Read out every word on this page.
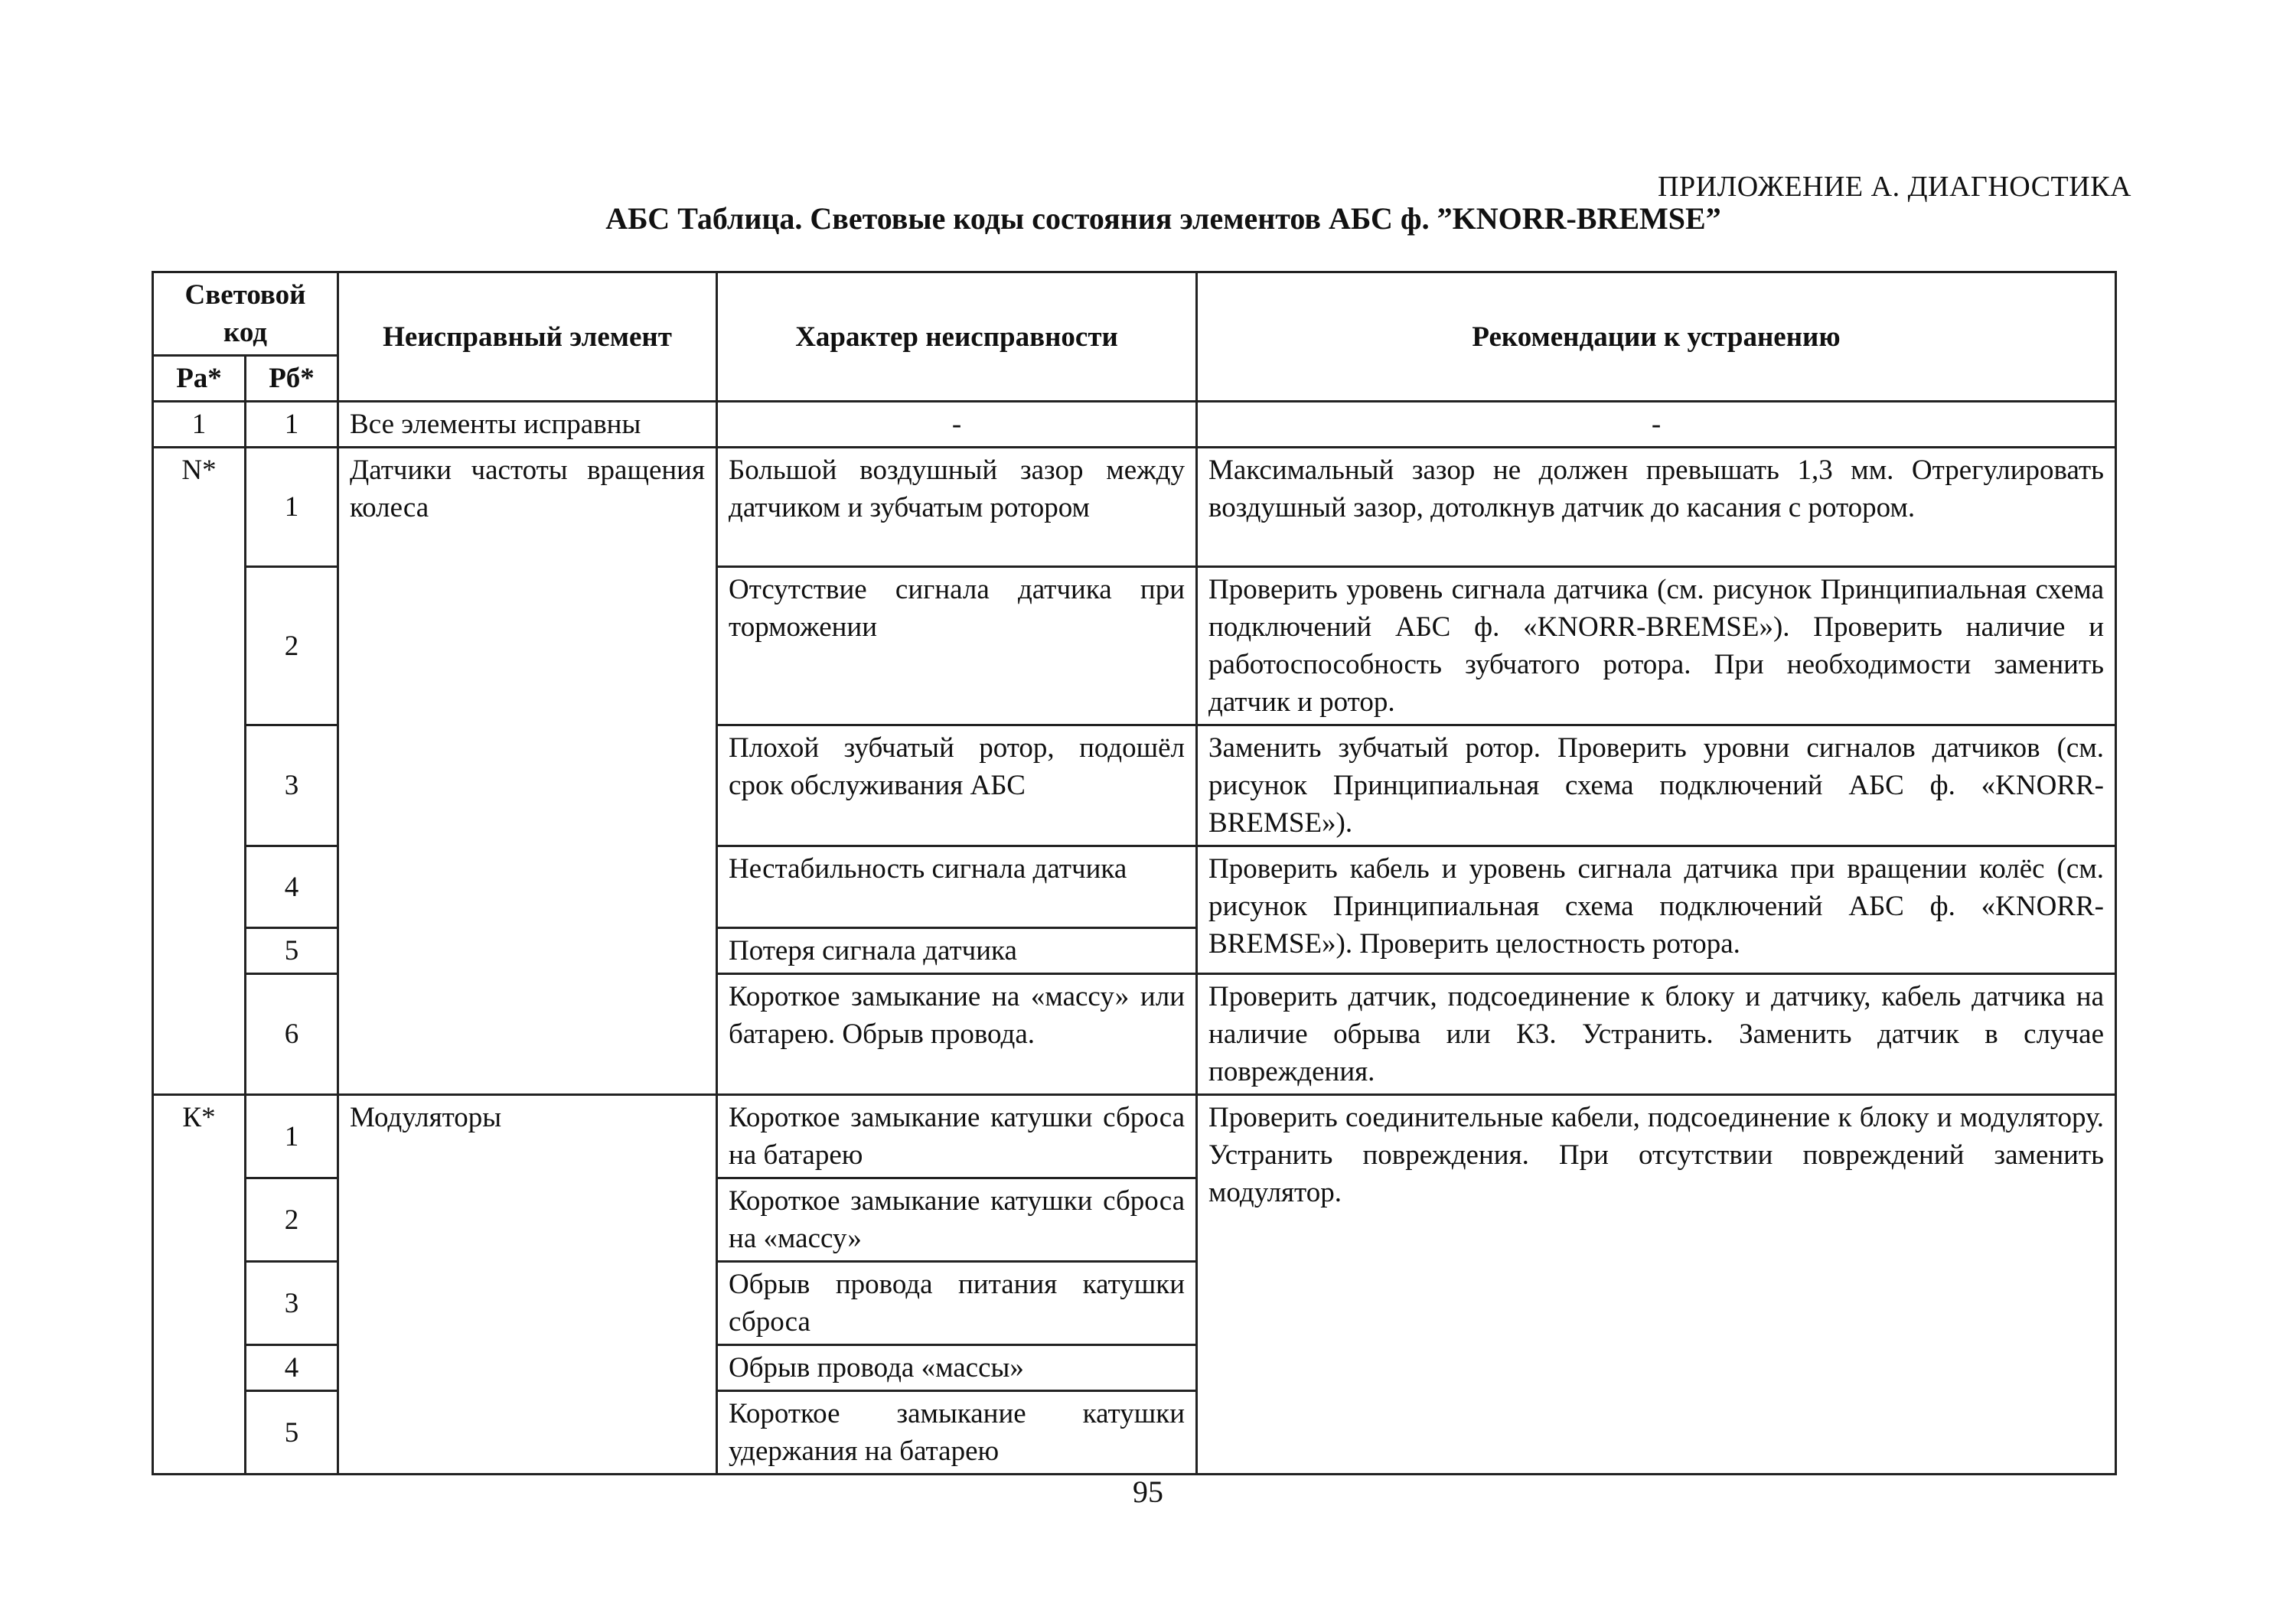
ПРИЛОЖЕНИЕ А. ДИАГНОСТИКА
АБС Таблица. Световые коды состояния элементов АБС ф. ”KNORR-BREMSE”
Световой код		Неисправный элемент	Характер неисправности	Рекомендации к устранению
Ра*	Рб*			
1	1	Все элементы исправны	-	-
N*	1	Датчики частоты вращения колеса	Большой воздушный зазор между датчиком и зубчатым ротором	Максимальный зазор не должен превышать 1,3 мм. Отрегулировать воздушный зазор, дотолкнув датчик до касания с ротором.
	2		Отсутствие сигнала датчика при торможении	Проверить уровень сигнала датчика (см. рисунок Принципиальная схема подключений АБС ф. «KNORR-BREMSE»). Проверить наличие и работоспособность зубчатого ротора. При необходимости заменить датчик и ротор.
	3		Плохой зубчатый ротор, подошёл срок обслуживания АБС	Заменить зубчатый ротор. Проверить уровни сигналов датчиков (см. рисунок Принципиальная схема подключений АБС ф. «KNORR-BREMSE»).
	4		Нестабильность сигнала датчика	Проверить кабель и уровень сигнала датчика при вращении колёс (см. рисунок Принципиальная схема подключений АБС ф. «KNORR-BREMSE»). Проверить целостность ротора.
	5		Потеря сигнала датчика	
	6		Короткое замыкание на «массу» или батарею. Обрыв провода.	Проверить датчик, подсоединение к блоку и датчику, кабель датчика на наличие обрыва или КЗ. Устранить. Заменить датчик в случае повреждения.
К*	1	Модуляторы	Короткое замыкание катушки сброса на батарею	Проверить соединительные кабели, подсоединение к блоку и модулятору. Устранить повреждения. При отсутствии повреждений заменить модулятор.
	2		Короткое замыкание катушки сброса на «массу»	
	3		Обрыв провода питания катушки сброса	
	4		Обрыв провода «массы»	
	5		Короткое замыкание катушки удержания на батарею	
95
